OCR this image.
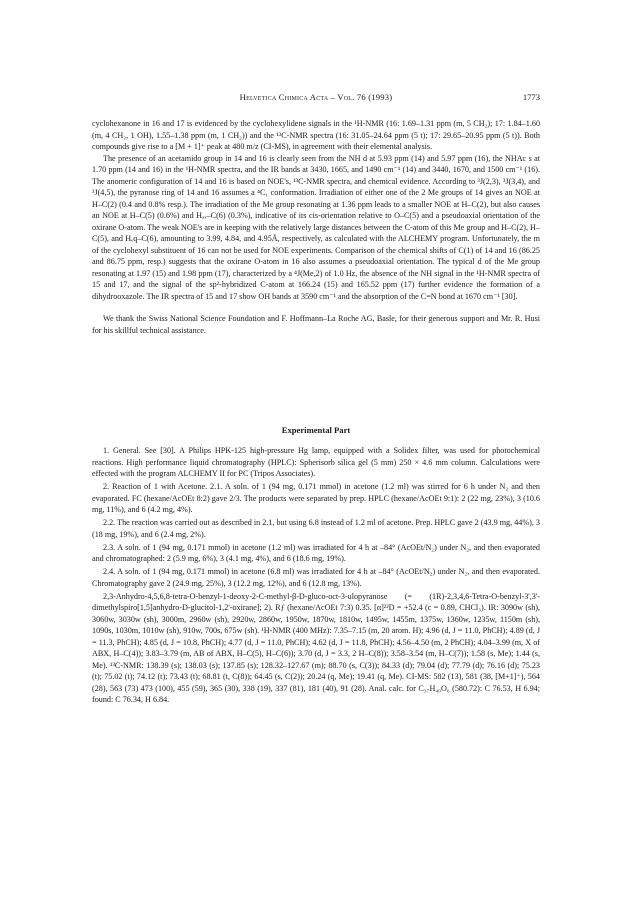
Helvetica Chimica Acta – Vol. 76 (1993)	1773

cyclohexanone in 16 and 17 is evidenced by the cyclohexylidene signals in the ¹H-NMR (16: 1.69–1.31 ppm (m, 5 CH₂); 17: 1.84–1.60 (m, 4 CH₂, 1 OH), 1.55–1.38 ppm (m, 1 CH₂)) and the ¹³C-NMR spectra (16: 31.05–24.64 ppm (5 t); 17: 29.65–20.95 ppm (5 t)). Both compounds give rise to a [M + 1]⁺ peak at 480 m/z (CI-MS), in agreement with their elemental analysis.

The presence of an acetamido group in 14 and 16 is clearly seen from the NH d at 5.93 ppm (14) and 5.97 ppm (16), the NHAc s at 1.70 ppm (14 and 16) in the ¹H-NMR spectra, and the IR bands at 3430, 1665, and 1490 cm⁻¹ (14) and 3440, 1670, and 1500 cm⁻¹ (16). The anomeric configuration of 14 and 16 is based on NOE's, ¹³C-NMR spectra, and chemical evidence. According to ³J(2,3), ³J(3,4), and ³J(4,5), the pyranose ring of 14 and 16 assumes a ⁴C₁ conformation. Irradiation of either one of the 2 Me groups of 14 gives an NOE at H–C(2) (0.4 and 0.8% resp.). The irradiation of the Me group resonating at 1.36 ppm leads to a smaller NOE at H–C(2), but also causes an NOE at H–C(5) (0.6%) and Hₐₓ–C(6) (0.3%), indicative of its cis-orientation relative to O–C(5) and a pseudoaxial orientation of the oxirane O-atom. The weak NOE's are in keeping with the relatively large distances between the C-atom of this Me group and H–C(2), H–C(5), and Hₑq–C(6), amounting to 3.99, 4.84, and 4.95Å, respectively, as calculated with the ALCHEMY program. Unfortunately, the m of the cyclohexyl substituent of 16 can not be used for NOE experiments. Comparison of the chemical shifts of C(1) of 14 and 16 (86.25 and 86.75 ppm, resp.) suggests that the oxirane O-atom in 16 also assumes a pseudoaxial orientation. The typical d of the Me group resonating at 1.97 (15) and 1.98 ppm (17), characterized by a ⁴J(Me,2) of 1.0 Hz, the absence of the NH signal in the ¹H-NMR spectra of 15 and 17, and the signal of the sp²-hybridized C-atom at 166.24 (15) and 165.52 ppm (17) further evidence the formation of a dihydrooxazole. The IR spectra of 15 and 17 show OH bands at 3590 cm⁻¹ and the absorption of the C=N bond at 1670 cm⁻¹ [30].

We thank the Swiss National Science Foundation and F. Hoffmann–La Roche AG, Basle, for their generous support and Mr. R. Husi for his skillful technical assistance.

Experimental Part

1. General. See [30]. A Philips HPK-125 high-pressure Hg lamp, equipped with a Solidex filter, was used for photochemical reactions. High performance liquid chromatography (HPLC): Spherisorb silica gel (5 mm) 250 × 4.6 mm column. Calculations were effected with the program ALCHEMY II for PC (Tripos Associates).

2. Reaction of 1 with Acetone. 2.1. A soln. of 1 (94 mg, 0.171 mmol) in acetone (1.2 ml) was stirred for 6 h under N₂ and then evaporated. FC (hexane/AcOEt 8:2) gave 2/3. The products were separated by prep. HPLC (hexane/AcOEt 9:1): 2 (22 mg, 23%), 3 (10.6 mg, 11%), and 6 (4.2 mg, 4%).

2.2. The reaction was carried out as described in 2.1, but using 6.8 instead of 1.2 ml of acetone. Prep. HPLC gave 2 (43.9 mg, 44%), 3 (18 mg, 19%), and 6 (2.4 mg, 2%).

2.3. A soln. of 1 (94 mg, 0.171 mmol) in acetone (1.2 ml) was irradiated for 4 h at –84° (AcOEt/N₂) under N₂, and then evaporated and chromatographed: 2 (5.9 mg, 6%), 3 (4.1 mg, 4%), and 6 (18.6 mg, 19%).

2.4. A soln. of 1 (94 mg, 0.171 mmol) in acetone (6.8 ml) was irradiated for 4 h at –84° (AcOEt/N₂) under N₂, and then evaporated. Chromatography gave 2 (24.9 mg, 25%), 3 (12.2 mg, 12%), and 6 (12.8 mg, 13%).

2,3-Anhydro-4,5,6,8-tetra-O-benzyl-1-deoxy-2-C-methyl-β-D-gluco-oct-3-ulopyranose (= (1R)-2,3,4,6-Tetra-O-benzyl-3',3'-dimethylspiro[1,5]anhydro-D-glucitol-1,2'-oxirane]; 2). Rƒ (hexane/AcOEt 7:3) 0.35. [α]²²D = +52.4 (c = 0.89, CHCl₃). IR: 3090w (sh), 3060w, 3030w (sh), 3000m, 2960w (sh), 2920w, 2860w, 1950w, 1870w, 1810w, 1495w, 1455m, 1375w, 1360w, 1235w, 1150m (sh), 1090s, 1030m, 1010w (sh), 910w, 700s, 675w (sh). ¹H-NMR (400 MHz): 7.35–7.15 (m, 20 arom. H); 4.96 (d, J = 11.0, PhCH); 4.89 (d, J = 11.3, PhCH); 4.85 (d, J = 10.8, PhCH); 4.77 (d, J = 11.0, PhCH); 4.62 (d, J = 11.8, PhCH); 4.56–4.50 (m, 2 PhCH); 4.04–3.99 (m, X of ABX, H–C(4)); 3.83–3.79 (m, AB of ABX, H–C(5), H–C(6)); 3.70 (d, J = 3.3, 2 H–C(8)); 3.58–3.54 (m, H–C(7)); 1.58 (s, Me); 1.44 (s, Me). ¹³C-NMR: 138.39 (s); 138.03 (s); 137.85 (s); 128.32–127.67 (m); 88.70 (s, C(3)); 84.33 (d); 79.04 (d); 77.79 (d); 76.16 (d); 75.23 (t); 75.02 (t); 74.12 (t); 73.43 (t); 68.81 (t, C(8)); 64.45 (s, C(2)); 20.24 (q, Me); 19.41 (q, Me). CI-MS: 582 (13), 581 (38, [M+1]⁺), 564 (28), 563 (73) 473 (100), 455 (59), 365 (30), 338 (19), 337 (81), 181 (40), 91 (28). Anal. calc. for C₃₇H₄₀O₆ (580.72): C 76.53, H 6.94; found: C 76.34, H 6.84.
